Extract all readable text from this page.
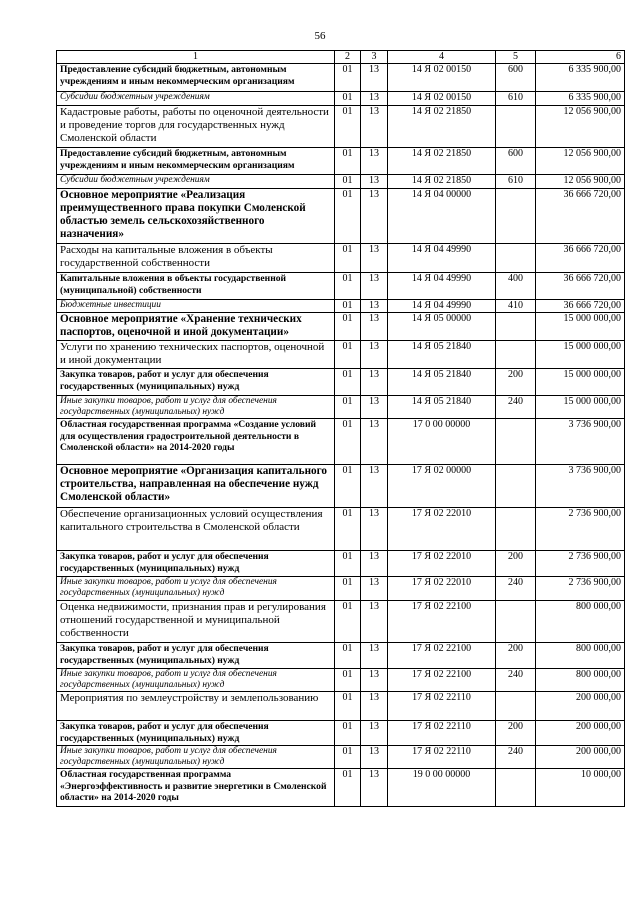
56
1	2	3	4	5	6
Предоставление субсидий бюджетным, автономным учреждениям и иным некоммерческим организациям	01	13	14 Я 02 00150	600	6 335 900,00
Субсидии бюджетным учреждениям	01	13	14 Я 02 00150	610	6 335 900,00
Кадастровые работы, работы по оценочной деятельности и проведение торгов для государственных нужд Смоленской области	01	13	14 Я 02 21850		12 056 900,00
Предоставление субсидий бюджетным, автономным учреждениям и иным некоммерческим организациям	01	13	14 Я 02 21850	600	12 056 900,00
Субсидии бюджетным учреждениям	01	13	14 Я 02 21850	610	12 056 900,00
Основное мероприятие «Реализация преимущественного права покупки Смоленской областью земель сельскохозяйственного назначения»	01	13	14 Я 04 00000		36 666 720,00
Расходы на капитальные вложения в объекты государственной собственности	01	13	14 Я 04 49990		36 666 720,00
Капитальные вложения в объекты государственной (муниципальной) собственности	01	13	14 Я 04 49990	400	36 666 720,00
Бюджетные инвестиции	01	13	14 Я 04 49990	410	36 666 720,00
Основное мероприятие «Хранение технических паспортов, оценочной и иной документации»	01	13	14 Я 05 00000		15 000 000,00
Услуги по хранению технических паспортов, оценочной и иной документации	01	13	14 Я 05 21840		15 000 000,00
Закупка товаров, работ и услуг для обеспечения государственных (муниципальных) нужд	01	13	14 Я 05 21840	200	15 000 000,00
Иные закупки товаров, работ и услуг для обеспечения государственных (муниципальных) нужд	01	13	14 Я 05 21840	240	15 000 000,00
Областная государственная программа «Создание условий для осуществления градостроительной деятельности в Смоленской области» на 2014-2020 годы	01	13	17 0 00 00000		3 736 900,00
Основное мероприятие «Организация капитального строительства, направленная на обеспечение нужд Смоленской области»	01	13	17 Я 02 00000		3 736 900,00
Обеспечение организационных условий осуществления капитального строительства в Смоленской области	01	13	17 Я 02 22010		2 736 900,00
Закупка товаров, работ и услуг для обеспечения государственных (муниципальных) нужд	01	13	17 Я 02 22010	200	2 736 900,00
Иные закупки товаров, работ и услуг для обеспечения государственных (муниципальных) нужд	01	13	17 Я 02 22010	240	2 736 900,00
Оценка недвижимости, признания прав и регулирования отношений государственной и муниципальной собственности	01	13	17 Я 02 22100		800 000,00
Закупка товаров, работ и услуг для обеспечения государственных (муниципальных) нужд	01	13	17 Я 02 22100	200	800 000,00
Иные закупки товаров, работ и услуг для обеспечения государственных (муниципальных) нужд	01	13	17 Я 02 22100	240	800 000,00
Мероприятия по землеустройству и землепользованию	01	13	17 Я 02 22110		200 000,00
Закупка товаров, работ и услуг для обеспечения государственных (муниципальных) нужд	01	13	17 Я 02 22110	200	200 000,00
Иные закупки товаров, работ и услуг для обеспечения государственных (муниципальных) нужд	01	13	17 Я 02 22110	240	200 000,00
Областная государственная программа «Энергоэффективность и развитие энергетики в Смоленской области» на 2014-2020 годы	01	13	19 0 00 00000		10 000,00
